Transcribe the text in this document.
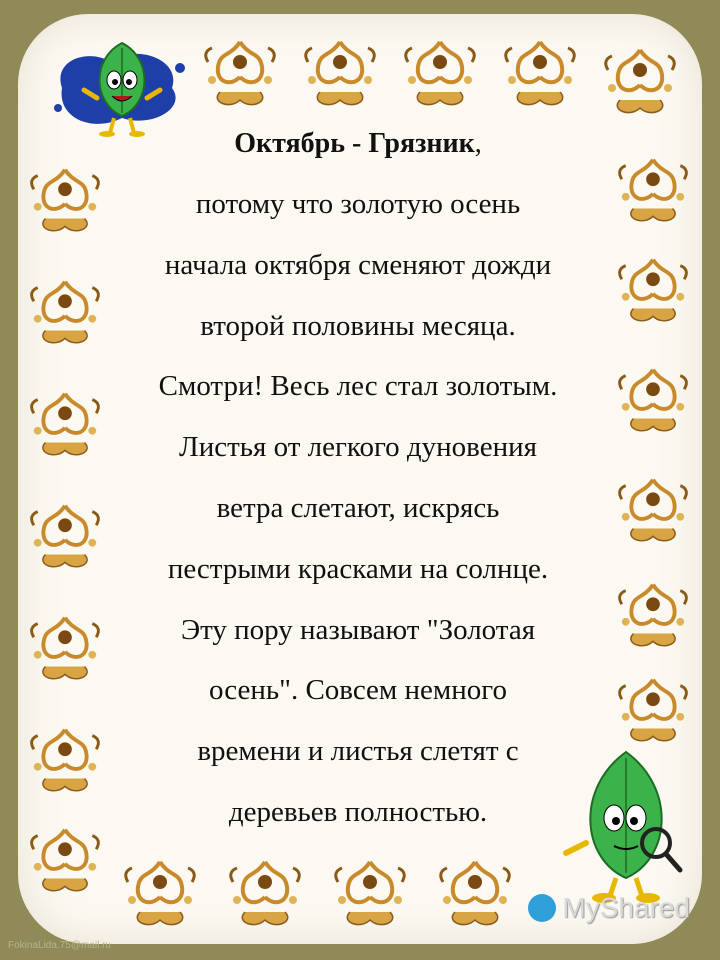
Октябрь - Грязник,
потому что золотую осень
начала октября сменяют дожди
второй половины месяца.
Смотри! Весь лес стал золотым.
Листья от легкого дуновения
ветра слетают, искрясь
пестрыми красками на солнце.
Эту пору называют "Золотая
осень". Совсем немного
времени и листья слетят с
деревьев полностью.
MyShared
FokinaLida.75@mail.ru
